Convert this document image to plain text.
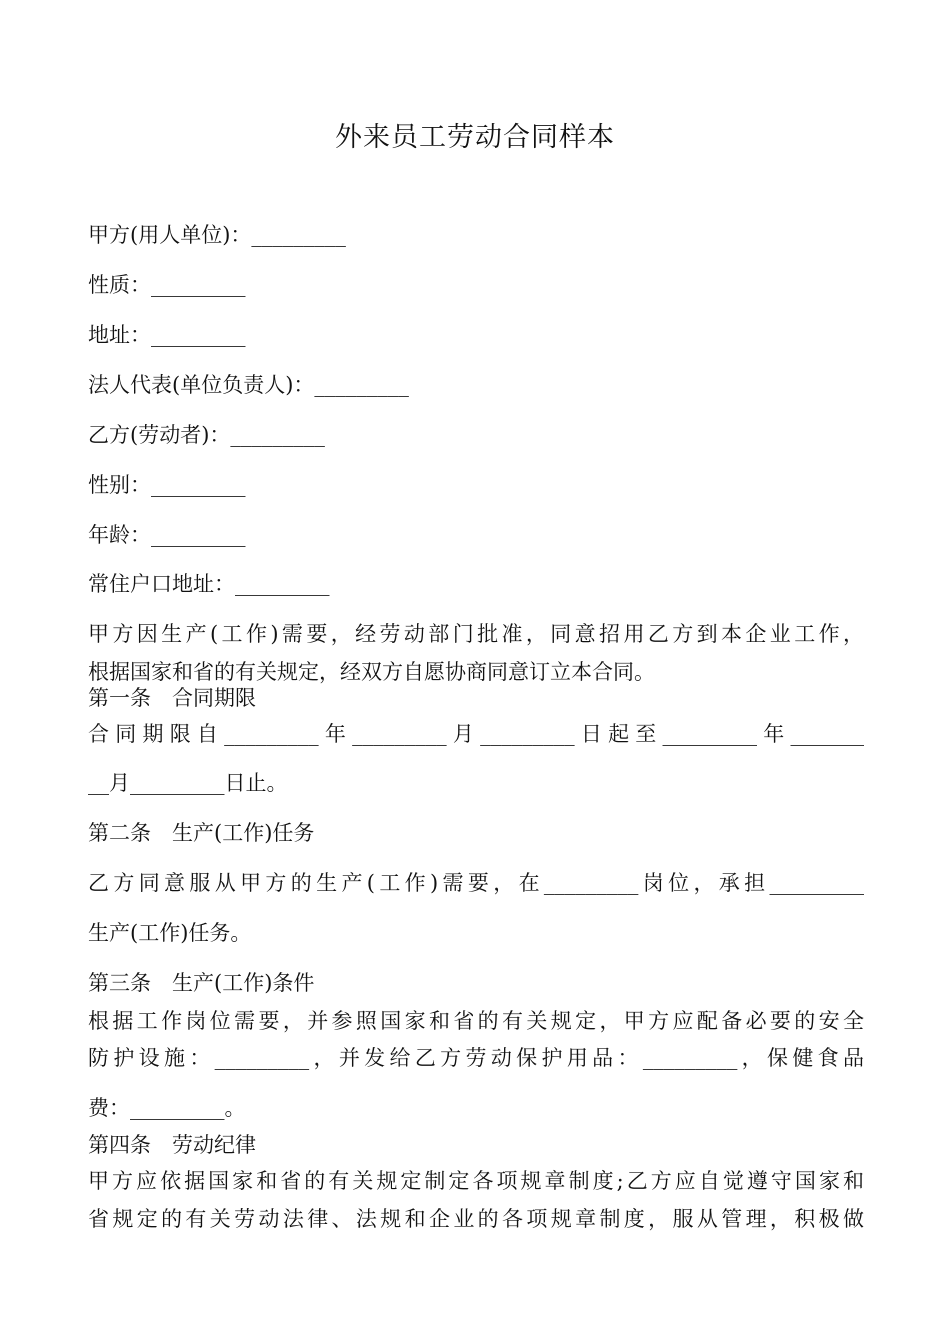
外来员工劳动合同样本
甲方(用人单位)：_________
性质：_________
地址：_________
法人代表(单位负责人)：_________
乙方(劳动者)：_________
性别：_________
年龄：_________
常住户口地址：_________
甲方因生产(工作)需要，经劳动部门批准，同意招用乙方到本企业工作，
根据国家和省的有关规定，经双方自愿协商同意订立本合同。
第一条　合同期限
合同期限自_________年_________月_________日起至_________年_______
__月_________日止。
第二条　生产(工作)任务
乙方同意服从甲方的生产(工作)需要，在_________岗位，承担_________
生产(工作)任务。
第三条　生产(工作)条件
根据工作岗位需要，并参照国家和省的有关规定，甲方应配备必要的安全
防护设施：_________，并发给乙方劳动保护用品：_________，保健食品
费：_________。
第四条　劳动纪律
甲方应依据国家和省的有关规定制定各项规章制度;乙方应自觉遵守国家和
省规定的有关劳动法律、法规和企业的各项规章制度，服从管理，积极做
